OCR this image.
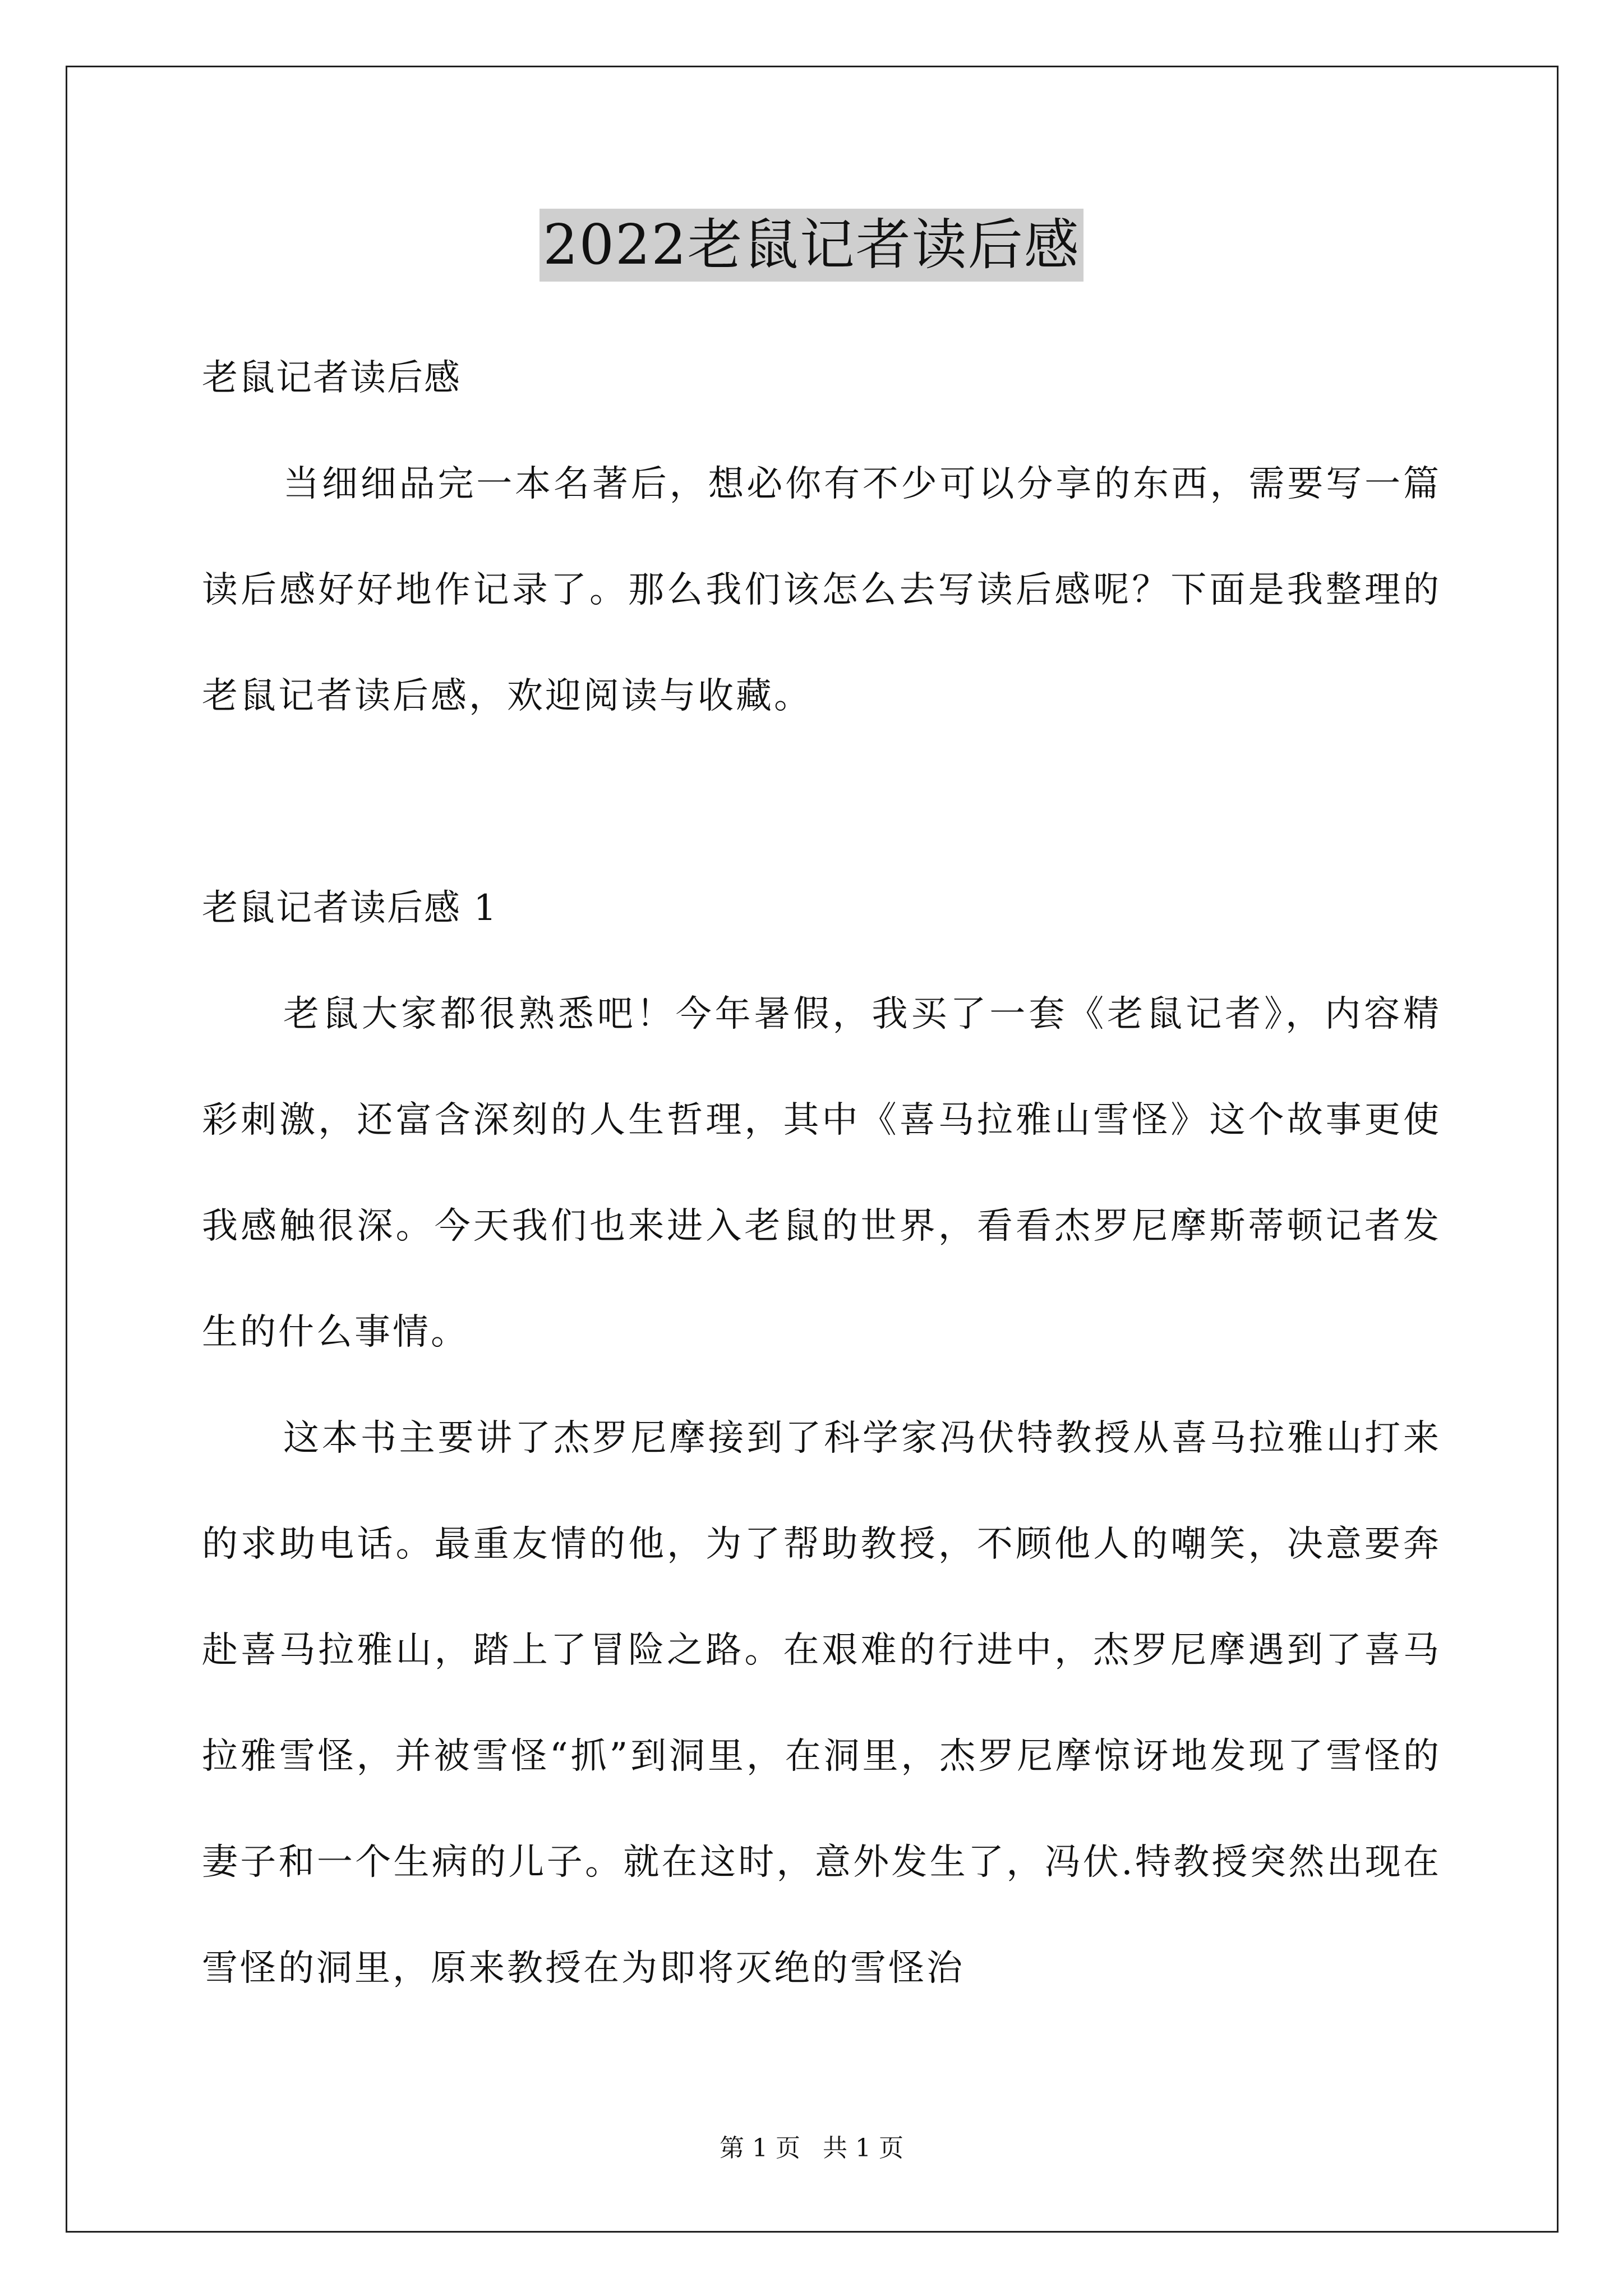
2022老鼠记者读后感

老鼠记者读后感

当细细品完一本名著后，想必你有不少可以分享的东西，需要写一篇读后感好好地作记录了。那么我们该怎么去写读后感呢？下面是我整理的老鼠记者读后感，欢迎阅读与收藏。

老鼠记者读后感 1

老鼠大家都很熟悉吧！今年暑假，我买了一套《老鼠记者》，内容精彩刺激，还富含深刻的人生哲理，其中《喜马拉雅山雪怪》这个故事更使我感触很深。今天我们也来进入老鼠的世界，看看杰罗尼摩斯蒂顿记者发生的什么事情。

这本书主要讲了杰罗尼摩接到了科学家冯伏特教授从喜马拉雅山打来的求助电话。最重友情的他，为了帮助教授，不顾他人的嘲笑，决意要奔赴喜马拉雅山，踏上了冒险之路。在艰难的行进中，杰罗尼摩遇到了喜马拉雅雪怪，并被雪怪“抓”到洞里，在洞里，杰罗尼摩惊讶地发现了雪怪的妻子和一个生病的儿子。就在这时，意外发生了，冯伏.特教授突然出现在雪怪的洞里，原来教授在为即将灭绝的雪怪治

第 1 页 共 1 页
